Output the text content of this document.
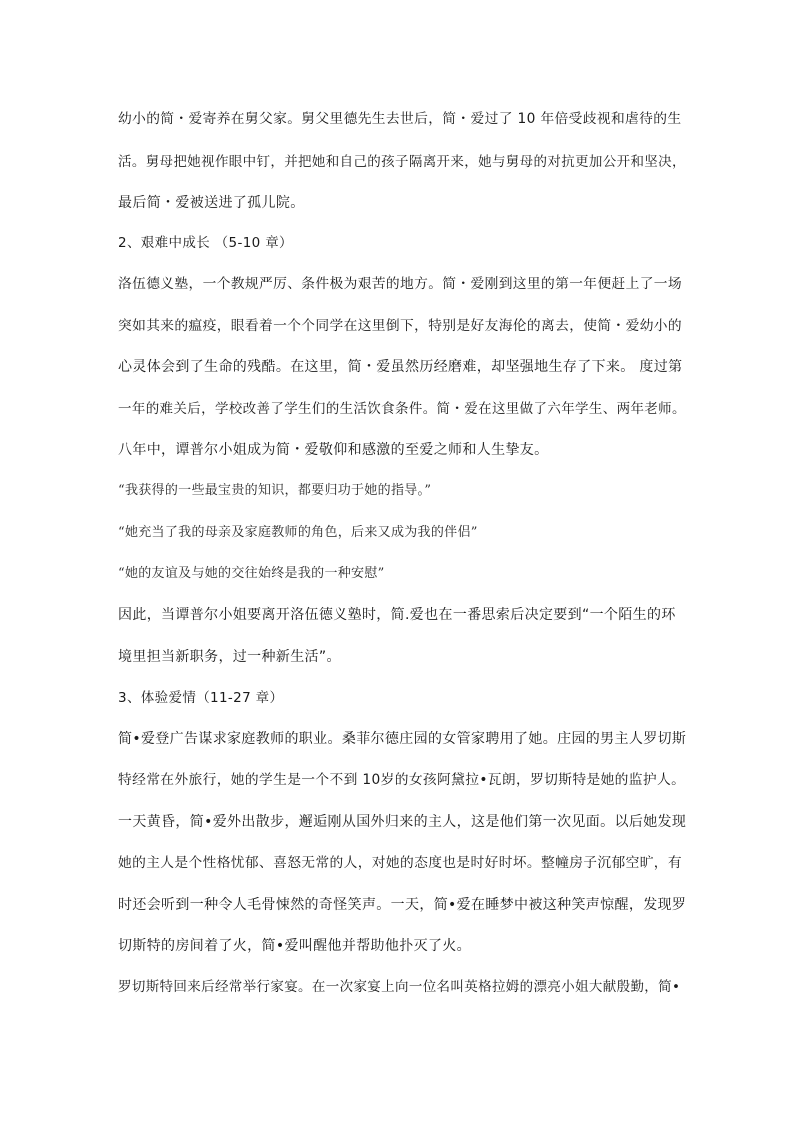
幼小的简・爱寄养在舅父家。舅父里德先生去世后，简・爱过了 10 年倍受歧视和虐待的生
活。舅母把她视作眼中钉，并把她和自己的孩子隔离开来，她与舅母的对抗更加公开和坚决，
最后简・爱被送进了孤儿院。
2、艰难中成长 （5-10 章）
洛伍德义塾，一个教规严厉、条件极为艰苦的地方。简・爱刚到这里的第一年便赶上了一场
突如其来的瘟疫，眼看着一个个同学在这里倒下，特别是好友海伦的离去，使简・爱幼小的
心灵体会到了生命的残酷。在这里，简・爱虽然历经磨难，却坚强地生存了下来。 度过第
一年的难关后，学校改善了学生们的生活饮食条件。简・爱在这里做了六年学生、两年老师。
八年中，谭普尔小姐成为简・爱敬仰和感激的至爱之师和人生挚友。
“我获得的一些最宝贵的知识，都要归功于她的指导。”
“她充当了我的母亲及家庭教师的角色，后来又成为我的伴侣”
“她的友谊及与她的交往始终是我的一种安慰”
因此，当谭普尔小姐要离开洛伍德义塾时，简.爱也在一番思索后决定要到“一个陌生的环
境里担当新职务，过一种新生活”。
3、体验爱情（11-27 章）
简•爱登广告谋求家庭教师的职业。桑菲尔德庄园的女管家聘用了她。庄园的男主人罗切斯
特经常在外旅行，她的学生是一个不到 10岁的女孩阿黛拉•瓦朗，罗切斯特是她的监护人。
一天黄昏，简•爱外出散步，邂逅刚从国外归来的主人，这是他们第一次见面。以后她发现
她的主人是个性格忧郁、喜怒无常的人，对她的态度也是时好时坏。整幢房子沉郁空旷，有
时还会听到一种令人毛骨悚然的奇怪笑声。一天，简•爱在睡梦中被这种笑声惊醒，发现罗
切斯特的房间着了火，简•爱叫醒他并帮助他扑灭了火。
罗切斯特回来后经常举行家宴。在一次家宴上向一位名叫英格拉姆的漂亮小姐大献殷勤，简•
